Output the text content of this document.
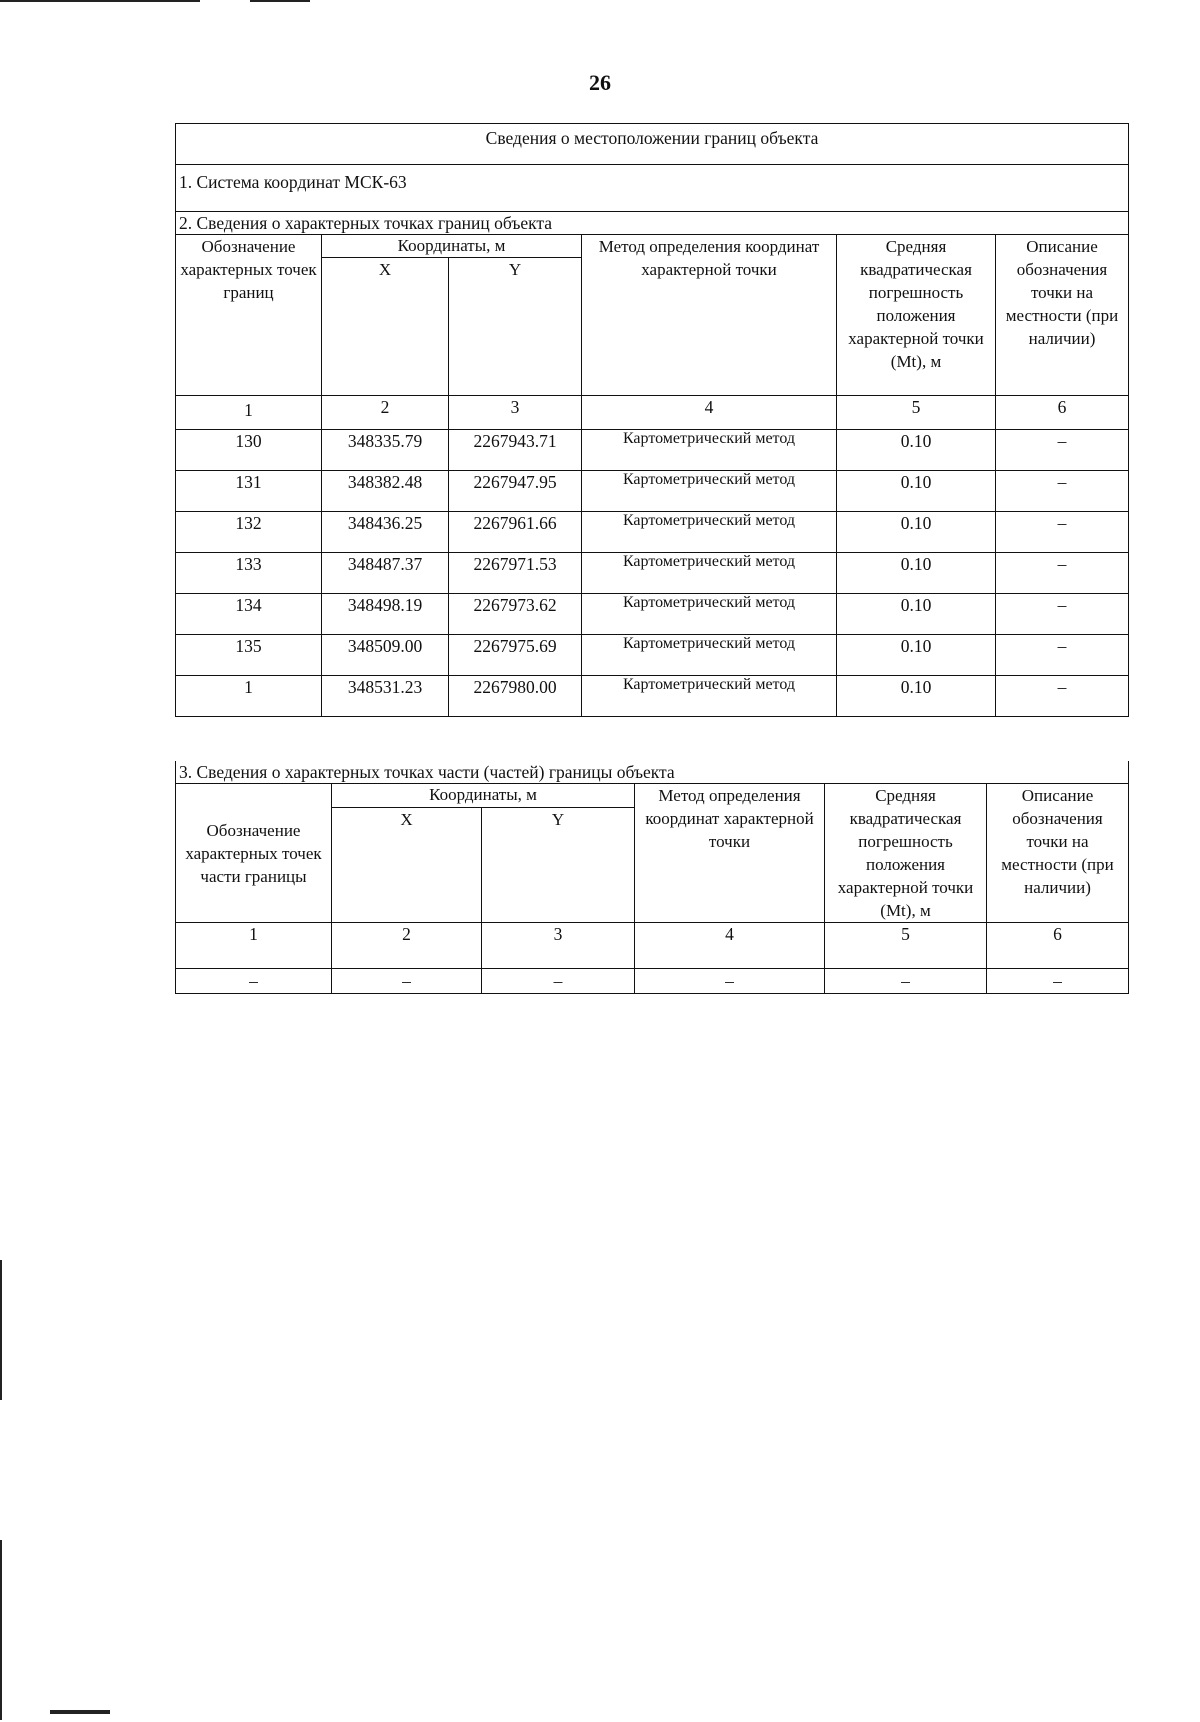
26
Сведения о местоположении границ объекта					
1. Система координат МСК-63					
2. Сведения о характерных точках границ объекта					
Обозначение характерных точек границ	Координаты, м		Метод определения координат характерной точки	Средняя квадратическая погрешность положения характерной точки (Mt), м	Описание обозначения точки на местности (при наличии)
	X	Y			
1	2	3	4	5	6
130	348335.79	2267943.71	Картометрический метод	0.10	–
131	348382.48	2267947.95	Картометрический метод	0.10	–
132	348436.25	2267961.66	Картометрический метод	0.10	–
133	348487.37	2267971.53	Картометрический метод	0.10	–
134	348498.19	2267973.62	Картометрический метод	0.10	–
135	348509.00	2267975.69	Картометрический метод	0.10	–
1	348531.23	2267980.00	Картометрический метод	0.10	–
3. Сведения о характерных точках части (частей) границы объекта					
Обозначение характерных точек части границы	Координаты, м		Метод определения координат характерной точки	Средняя квадратическая погрешность положения характерной точки (Mt), м	Описание обозначения точки на местности (при наличии)
	X	Y			
1	2	3	4	5	6
–	–	–	–	–	–
